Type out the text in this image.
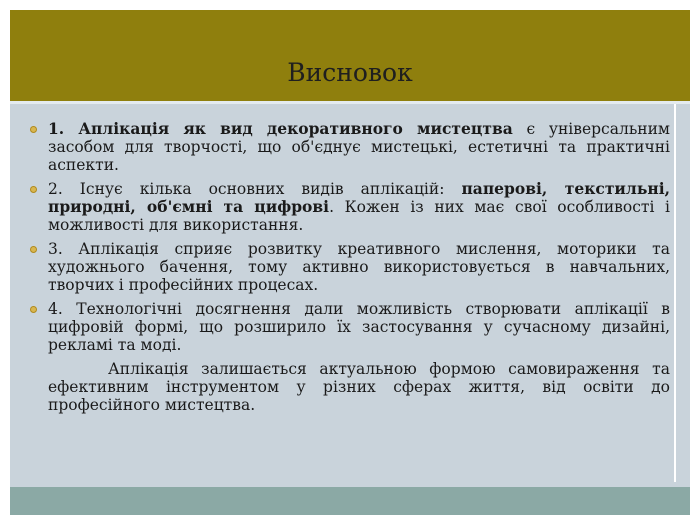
Висновок
1. Аплікація як вид декоративного мистецтва є універсальним засобом для творчості, що об'єднує мистецькі, естетичні та практичні аспекти.
2. Існує кілька основних видів аплікацій: паперові, текстильні, природні, об'ємні та цифрові. Кожен із них має свої особливості і можливості для використання.
3. Аплікація сприяє розвитку креативного мислення, моторики та художнього бачення, тому активно використовується в навчальних, творчих і професійних процесах.
4. Технологічні досягнення дали можливість створювати аплікації в цифровій формі, що розширило їх застосування у сучасному дизайні, рекламі та моді.
Аплікація залишається актуальною формою самовираження та ефективним інструментом у різних сферах життя, від освіти до професійного мистецтва.
